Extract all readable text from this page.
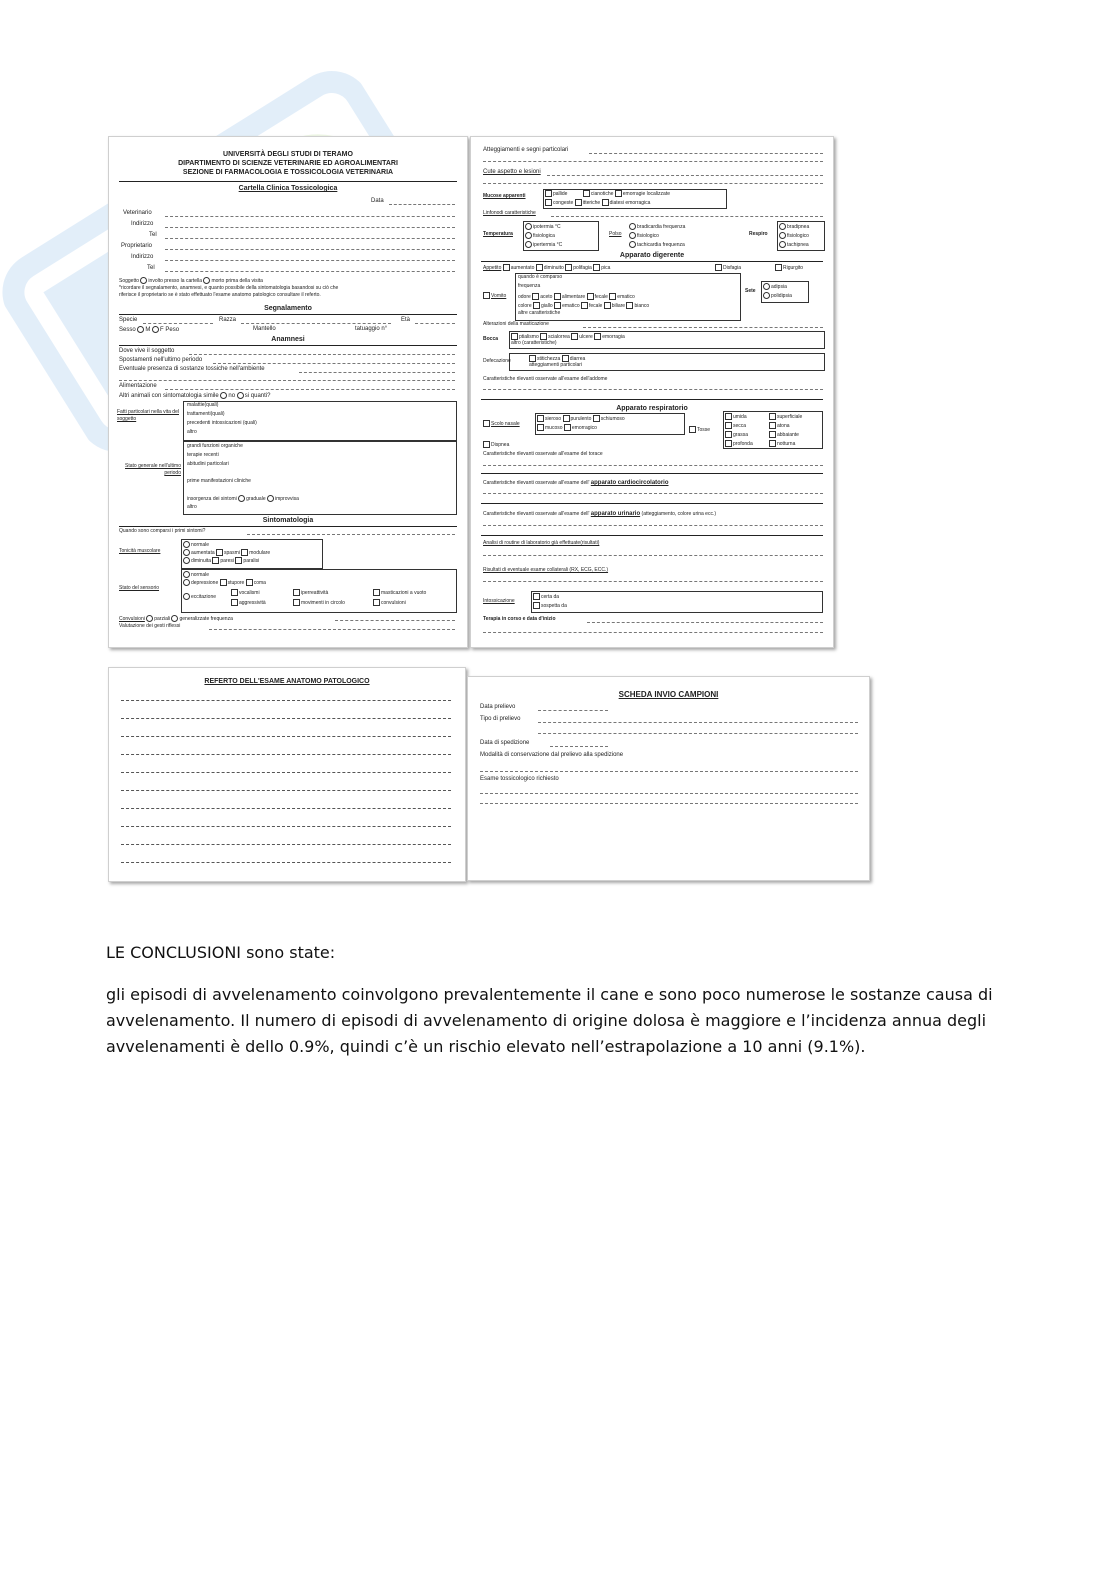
UNIVERSITÀ DEGLI STUDI DI TERAMO
DIPARTIMENTO DI SCIENZE VETERINARIE ED AGROALIMENTARI
SEZIONE DI FARMACOLOGIA E TOSSICOLOGIA VETERINARIA
Cartella Clinica Tossicologica
Data
Veterinario
Indirizzo
Tel
Proprietario
Indirizzo
Tel
Soggetto involto presso la cartella morto prima della visita
*ricordare il segnalamento, anamnesi, e quanto possibile della sintomatologia basandosi su ciò che
riferisce il proprietario se è stato effettuato l'esame anatomo patologico consultare il referto.
Segnalamento
Specie	Razza	Età
Sesso M F Peso	Mantello	tatuaggio n°
Anamnesi
Dove vive il soggetto
Spostamenti nell'ultimo periodo
Eventuale presenza di sostanze tossiche nell'ambiente
Alimentazione
Altri animali con sintomatologia simile no si quanti?
Fatti particolari nella vita del soggetto
malattie(quali)
trattamenti(quali)
precedenti intossicazioni (quali)
altro
Stato generale nell'ultimo periodo
grandi funzioni organiche
terapie recenti
abitudini particolari
prime manifestazioni cliniche
insorgenza dei sintomi graduale improvvisa
altro
Sintomatologia
Quando sono comparsi i primi sintomi?
Tonicità muscolare
normale
aumentata spasmi modulare
diminuita paresi paralisi
Stato del sensorio
normale
depressione stupore coma
eccitazione
vocalismi	iperreattività	masticazioni a vuoto
aggressività	movimenti in circolo	convulsioni
Convulsioni parziali generalizzate frequenza
Valutazione dei gesti riflessi
Atteggiamenti e segni particolari
Cute aspetto e lesioni
Mucose apparenti	pallide	cianotiche emorragie localizzate
congeste itteriche diatesi emorragica
Linfonodi caratteristiche
Temperatura
ipotermia °C
fisiologica
ipertermia °C
Polso
bradicardia frequenza
fisiologico
tachicardia frequenza
Respiro
bradipnea
fisiologico
tachipnea
Apparato digerente
Appetito aumentato diminuito polifagia pica	Disfagia	Rigurgito
Vomito
quando è comparso
frequenza
odore aceto alimentare fecale ematico
colore giallo ematico fecale biliare bianco
altre caratteristiche
Sete
adipsia
polidipsia
Alterazioni della masticazione
Bocca	ptialismo scialorrea ulcere emorragia
altro (caratteristiche)
Defecazione	stitichezza diarrea
atteggiamenti particolari
Caratteristiche rilevanti osservate all'esame dell'addome
Apparato respiratorio
Scolo nasale
sieroso purulento schiumoso
mucoso emorragico	Tosse
umida
secca
grassa
profonda
superficiale
atona
abbaiante
notturna
Dispnea
Caratteristiche rilevanti osservate all'esame del torace
Caratteristiche rilevanti osservate all'esame dell' apparato cardiocircolatorio
Caratteristiche rilevanti osservate all'esame dell' apparato urinario (atteggiamento, colore urina ecc.)
Analisi di routine di laboratorio già effettuate(risultati)
Risultati di eventuale esame collaterali (RX, ECG, ECC.)
Intossicazione
certa da
sospetta da
Terapia in corso e data d'inizio
REFERTO DELL'ESAME ANATOMO PATOLOGICO
SCHEDA INVIO CAMPIONI
Data prelievo
Tipo di prelievo
Data di spedizione
Modalità di conservazione dal prelievo alla spedizione
Esame tossicologico richiesto
LE CONCLUSIONI sono state:
gli episodi di avvelenamento coinvolgono prevalentemente il cane e sono poco numerose le sostanze causa di avvelenamento. Il numero di episodi di avvelenamento di origine dolosa è maggiore e l’incidenza annua degli avvelenamenti è dello 0.9%, quindi c’è un rischio elevato nell’estrapolazione a 10 anni (9.1%).
